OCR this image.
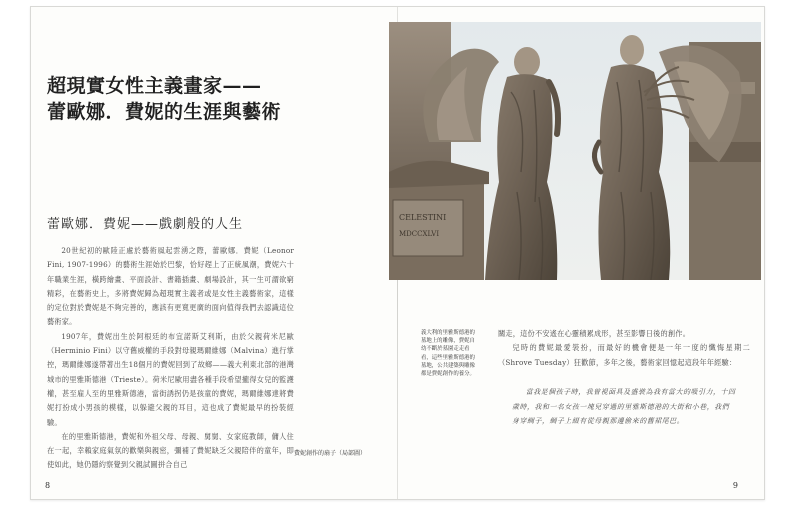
超現實女性主義畫家——
蕾歐娜．費妮的生涯與藝術
蕾歐娜．費妮——戲劇般的人生

20世紀初的歐陸正處於藝術風起雲湧之際，蕾歐娜．費妮（Leonor Fini, 1907-1996）的藝術生涯始於巴黎，恰好趕上了正統風潮，費妮六十年職業生涯，橫跨繪畫、平面設計、書籍插畫、劇場設計，其一生可謂欲窮精彩，在藝術史上，多將費妮歸為超現實主義者或是女性主義藝術家，這樣的定位對於費妮是不夠完善的，應該有更寬更廣的面向值得我們去認識這位藝術家。

1907年，費妮出生於阿根廷的布宜諾斯艾利斯，由於父親荷米尼歐（Herminio Fini）以守舊威權的手段對母親瑪爾維娜（Malvina）進行掌控，瑪爾維娜遂帶著出生18個月的費妮回到了故鄉——義大利東北部的港灣城市的里雅斯德港（Trieste）。荷米尼歐用盡各種手段希望攏得女兒的監護權，甚至雇人至的里雅斯德港，當街誘拐仍是孩童的費妮，瑪爾維娜達將費妮打扮成小男孩的模樣，以躲避父親的耳目，這也成了費妮最早的扮裝經驗。

在的里雅斯德港，費妮和外祖父母、母親、舅舅、女家庭教師，傭人住在一起，幸賴家庭氣氛的歡樂與親密，彌補了費妮缺乏父親陪伴的童年，即使如此，她仍隱約察覺到父親試圖拼合自己

費妮創作的扇子（局部圖）
8
CELESTINI
MDCCXLVI
義大利的里雅斯德港的墓地上的雕像，費妮自幼不斷於墓園走走看看，這些里雅斯德港的墓地，公共建築與雕像都是費妮創作的養分。

關走，這份不安遙在心靈積累成形，甚至影響日後的創作。

兒時的費妮最愛裝扮，而最好的機會便是一年一度的懺悔星期二（Shrove Tuesday）狂歡節，多年之後，藝術家回憶起這段年年經驗：

當我是個孩子時，我曾視面具及盛裝為我有當大的吸引力，十四歲時，我和一名女孩一塊兒穿過的里雅斯德港的大街和小巷，我們身穿綢子，綢子上綴有從母親那邊偷來的舊裙尾巴。

9
